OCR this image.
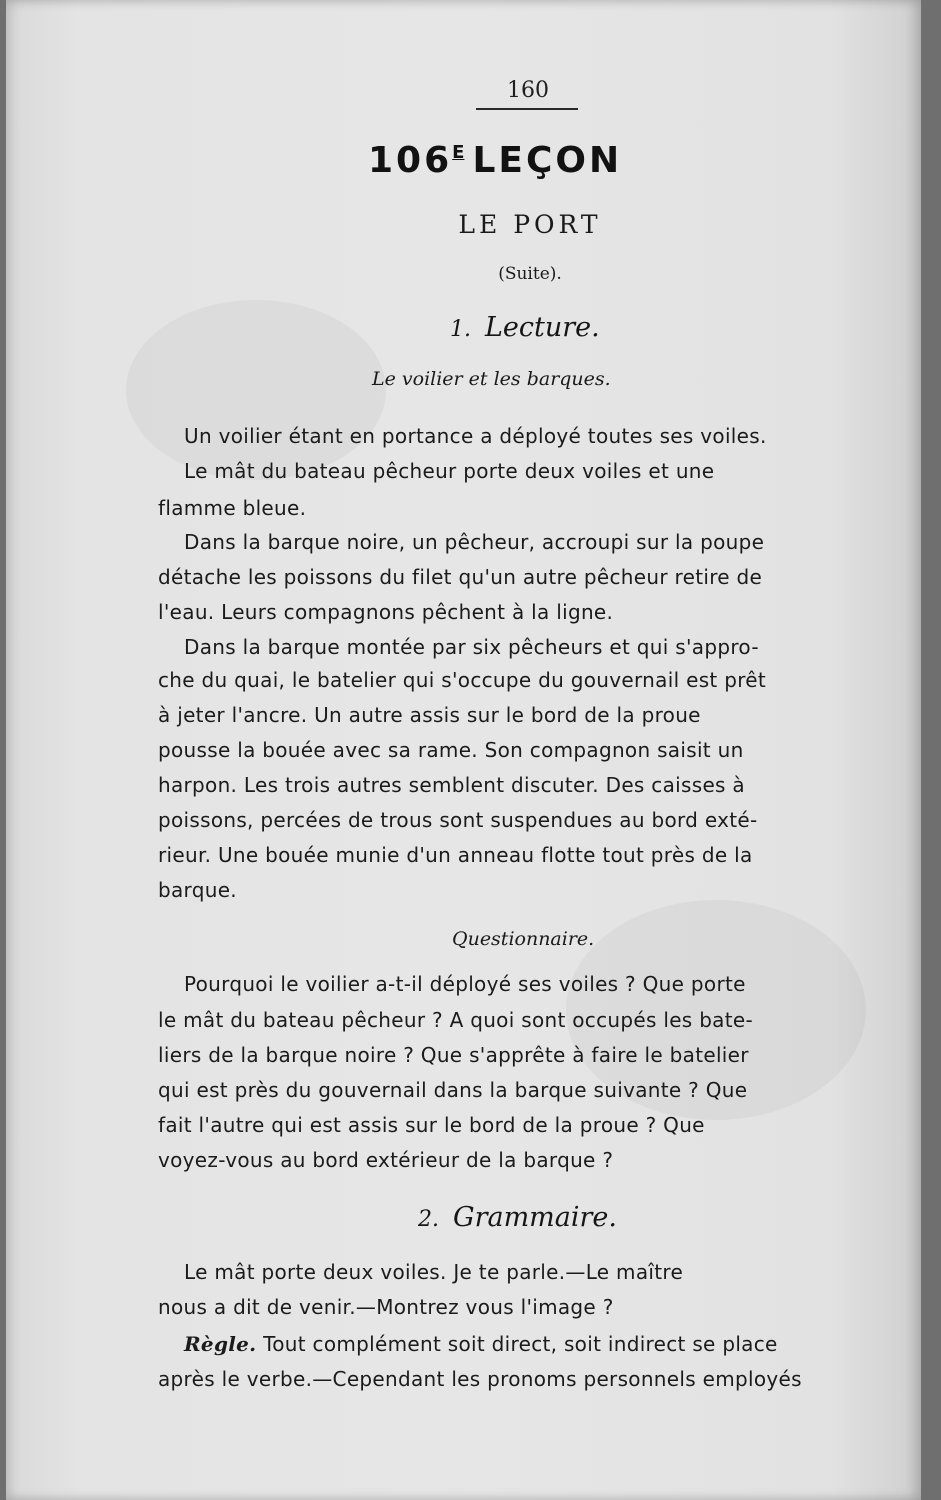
160
$106^E$ LEÇON
LE PORT
(Suite).
1. Lecture.
Le voilier et les barques.
Un voilier étant en portance a déployé toutes ses voiles.
Le mât du bateau pêcheur porte deux voiles et une
flamme bleue.
Dans la barque noire, un pêcheur, accroupi sur la poupe
détache les poissons du filet qu'un autre pêcheur retire de
l'eau. Leurs compagnons pêchent à la ligne.
Dans la barque montée par six pêcheurs et qui s'appro-
che du quai, le batelier qui s'occupe du gouvernail est prêt
à jeter l'ancre. Un autre assis sur le bord de la proue
pousse la bouée avec sa rame. Son compagnon saisit un
harpon. Les trois autres semblent discuter. Des caisses à
poissons, percées de trous sont suspendues au bord exté-
rieur. Une bouée munie d'un anneau flotte tout près de la
barque.
Questionnaire.
Pourquoi le voilier a-t-il déployé ses voiles ? Que porte
le mât du bateau pêcheur ? A quoi sont occupés les bate-
liers de la barque noire ? Que s'apprête à faire le batelier
qui est près du gouvernail dans la barque suivante ? Que
fait l'autre qui est assis sur le bord de la proue ? Que
voyez-vous au bord extérieur de la barque ?
2. Grammaire.
Le mât porte deux voiles. Je te parle.—Le maître
nous a dit de venir.—Montrez vous l'image ?
Règle. Tout complément soit direct, soit indirect se place
après le verbe.—Cependant les pronoms personnels employés
